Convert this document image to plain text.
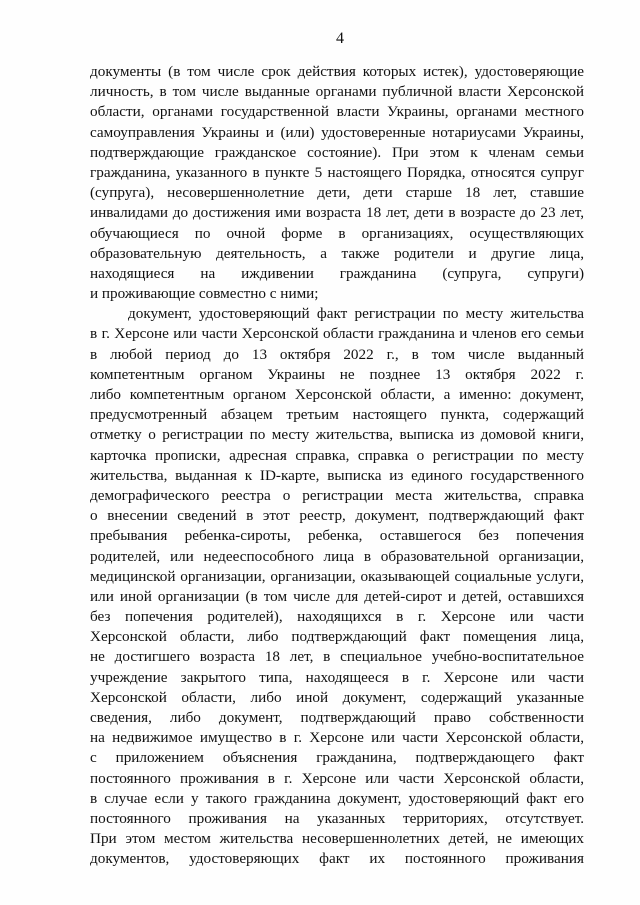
4
документы (в том числе срок действия которых истек), удостоверяющие
личность, в том числе выданные органами публичной власти Херсонской
области, органами государственной власти Украины, органами местного
самоуправления Украины и (или) удостоверенные нотариусами Украины,
подтверждающие гражданское состояние). При этом к членам семьи
гражданина, указанного в пункте 5 настоящего Порядка, относятся супруг
(супруга), несовершеннолетние дети, дети старше 18 лет, ставшие
инвалидами до достижения ими возраста 18 лет, дети в возрасте до 23 лет,
обучающиеся по очной форме в организациях, осуществляющих
образовательную деятельность, а также родители и другие лица,
находящиеся на иждивении гражданина (супруга, супруги)
и проживающие совместно с ними;
документ, удостоверяющий факт регистрации по месту жительства
в г. Херсоне или части Херсонской области гражданина и членов его семьи
в любой период до 13 октября 2022 г., в том числе выданный
компетентным органом Украины не позднее 13 октября 2022 г.
либо компетентным органом Херсонской области, а именно: документ,
предусмотренный абзацем третьим настоящего пункта, содержащий
отметку о регистрации по месту жительства, выписка из домовой книги,
карточка прописки, адресная справка, справка о регистрации по месту
жительства, выданная к ID-карте, выписка из единого государственного
демографического реестра о регистрации места жительства, справка
о внесении сведений в этот реестр, документ, подтверждающий факт
пребывания ребенка-сироты, ребенка, оставшегося без попечения
родителей, или недееспособного лица в образовательной организации,
медицинской организации, организации, оказывающей социальные услуги,
или иной организации (в том числе для детей-сирот и детей, оставшихся
без попечения родителей), находящихся в г. Херсоне или части
Херсонской области, либо подтверждающий факт помещения лица,
не достигшего возраста 18 лет, в специальное учебно-воспитательное
учреждение закрытого типа, находящееся в г. Херсоне или части
Херсонской области, либо иной документ, содержащий указанные
сведения, либо документ, подтверждающий право собственности
на недвижимое имущество в г. Херсоне или части Херсонской области,
с приложением объяснения гражданина, подтверждающего факт
постоянного проживания в г. Херсоне или части Херсонской области,
в случае если у такого гражданина документ, удостоверяющий факт его
постоянного проживания на указанных территориях, отсутствует.
При этом местом жительства несовершеннолетних детей, не имеющих
документов, удостоверяющих факт их постоянного проживания
